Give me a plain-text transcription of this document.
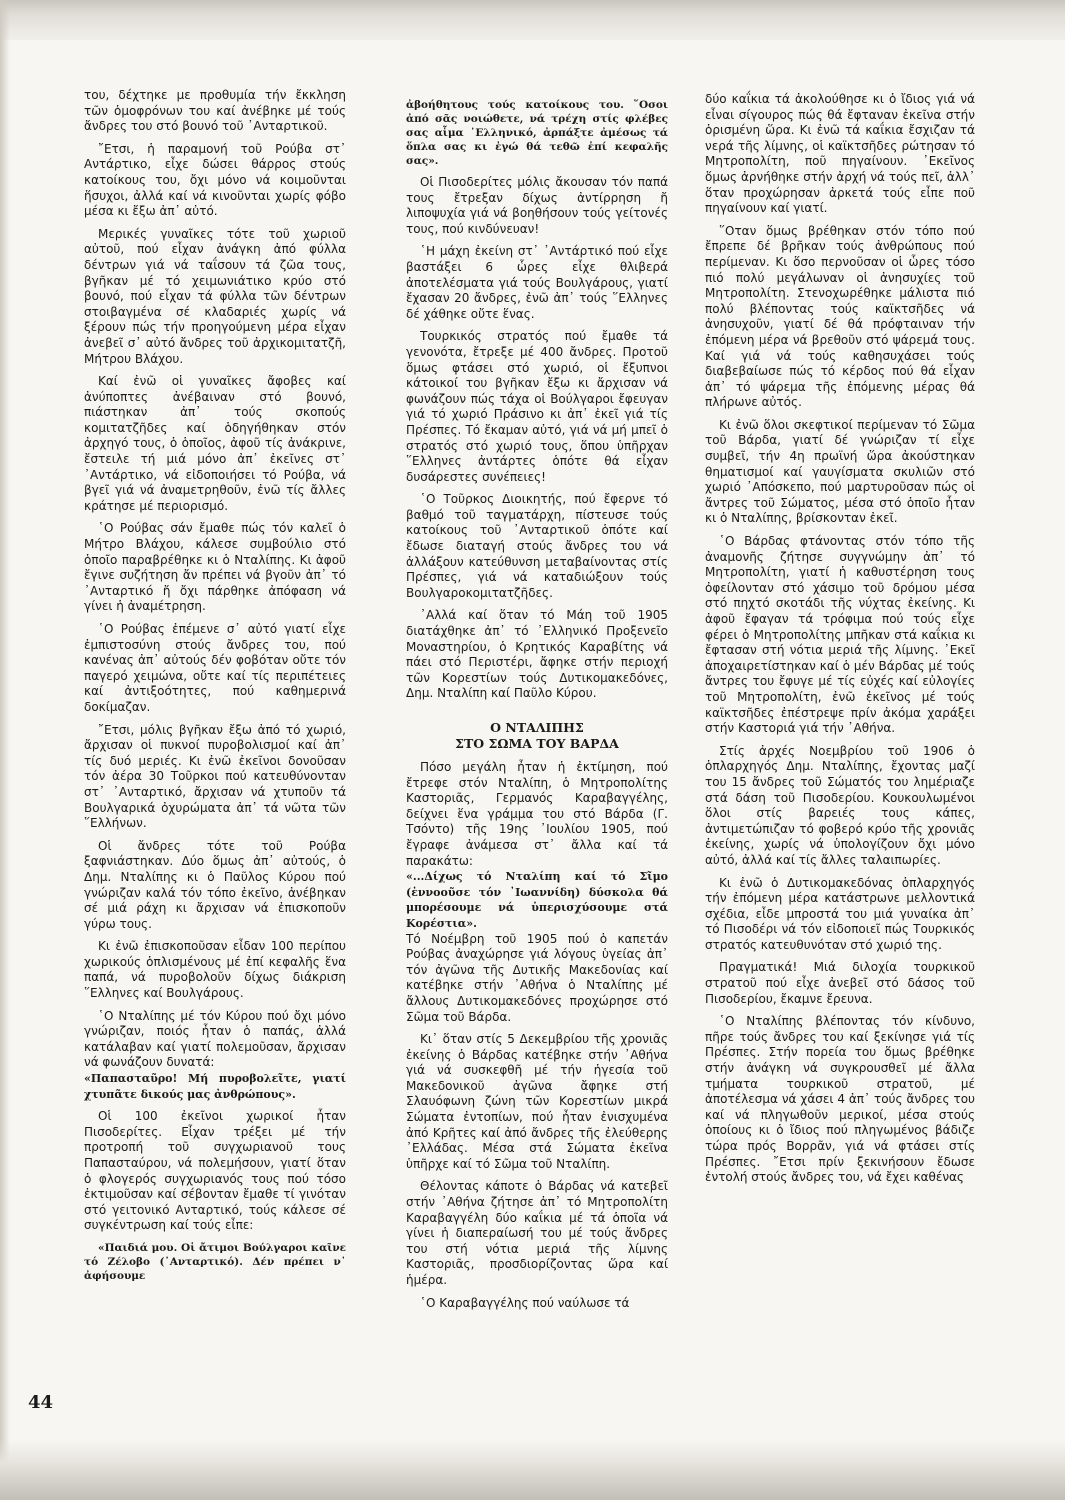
του, δέχτηκε με προθυμία τήν ἔκκληση τῶν ὁμοφρόνων του καί ἀνέβηκε μέ τούς ἄνδρες του στό βουνό τοῦ ᾿Ανταρτικοῦ.

῎Ετσι, ἡ παραμονή τοῦ Ρούβα στ᾿ Αντάρτικο, εἶχε δώσει θάρρος στούς κατοίκους του, ὄχι μόνο νά κοιμοῦνται ἥσυχοι, ἀλλά καί νά κινοῦνται χωρίς φόβο μέσα κι ἔξω ἀπ᾿ αὐτό.

Μερικές γυναῖκες τότε τοῦ χωριοῦ αὐτοῦ, πού εἶχαν ἀνάγκη ἀπό φύλλα δέντρων γιά νά ταΐσουν τά ζῶα τους, βγῆκαν μέ τό χειμωνιάτικο κρύο στό βουνό, πού εἶχαν τά φύλλα τῶν δέντρων στοιβαγμένα σέ κλαδαριές χωρίς νά ξέρουν πώς τήν προηγούμενη μέρα εἶχαν ἀνεβεῖ σ᾿ αὐτό ἄνδρες τοῦ ἀρχικομιτατζῆ, Μήτρου Βλάχου.

Καί ἐνῶ οἱ γυναῖκες ἄφοβες καί ἀνύποπτες ἀνέβαιναν στό βουνό, πιάστηκαν ἀπ᾿ τούς σκοπούς κομιτατζῆδες καί ὁδηγήθηκαν στόν ἀρχηγό τους, ὁ ὁποῖος, ἀφοῦ τίς ἀνάκρινε, ἔστειλε τή μιά μόνο ἀπ᾿ ἐκεῖνες στ᾿ ᾿Αντάρτικο, νά εἰδοποιήσει τό Ρούβα, νά βγεῖ γιά νά ἀναμετρηθοῦν, ἐνῶ τίς ἄλλες κράτησε μέ περιορισμό.

῾Ο Ρούβας σάν ἔμαθε πώς τόν καλεῖ ὁ Μήτρο Βλάχου, κάλεσε συμβούλιο στό ὁποῖο παραβρέθηκε κι ὁ Νταλίπης. Κι ἀφοῦ ἔγινε συζήτηση ἄν πρέπει νά βγοῦν ἀπ᾿ τό ᾿Ανταρτικό ἤ ὄχι πάρθηκε ἀπόφαση νά γίνει ἡ ἀναμέτρηση.

῾Ο Ρούβας ἐπέμενε σ᾿ αὐτό γιατί εἶχε ἐμπιστοσύνη στούς ἄνδρες του, πού κανένας ἀπ᾿ αὐτούς δέν φοβόταν οὔτε τόν παγερό χειμώνα, οὔτε καί τίς περιπέτειες καί ἀντιξοότητες, πού καθημερινά δοκίμαζαν.

῎Ετσι, μόλις βγῆκαν ἔξω ἀπό τό χωριό, ἄρχισαν οἱ πυκνοί πυροβολισμοί καί ἀπ᾿ τίς δυό μεριές. Κι ἐνῶ ἐκεῖνοι δονοῦσαν τόν ἀέρα 30 Τοῦρκοι πού κατευθύνονταν στ᾿ ᾿Ανταρτικό, ἄρχισαν νά χτυποῦν τά Βουλγαρικά ὀχυρώματα ἀπ᾿ τά νῶτα τῶν ῞Ελλήνων.

Οἱ ἄνδρες τότε τοῦ Ρούβα ξαφνιάστηκαν. Δύο ὅμως ἀπ᾿ αὐτούς, ὁ Δημ. Νταλίπης κι ὁ Παῦλος Κύρου πού γνώριζαν καλά τόν τόπο ἐκεῖνο, ἀνέβηκαν σέ μιά ράχη κι ἄρχισαν νά ἐπισκοποῦν γύρω τους.

Κι ἐνῶ ἐπισκοποῦσαν εἶδαν 100 περίπου χωρικούς ὁπλισμένους μέ ἐπί κεφαλῆς ἕνα παπά, νά πυροβολοῦν δίχως διάκριση ῞Ελληνες καί Βουλγάρους.

῾Ο Νταλίπης μέ τόν Κύρου πού ὄχι μόνο γνώριζαν, ποιός ἦταν ὁ παπάς, ἀλλά κατάλαβαν καί γιατί πολεμοῦσαν, ἄρχισαν νά φωνάζουν δυνατά:

«Παπασταῦρο! Μή πυροβολεῖτε, γιατί χτυπᾶτε δικούς μας ἀνθρώπους».

Οἱ 100 ἐκεῖνοι χωρικοί ἦταν Πισοδερίτες. Εἶχαν τρέξει μέ τήν προτροπή τοῦ συγχωριανοῦ τους Παπασταύρου, νά πολεμήσουν, γιατί ὅταν ὁ φλογερός συγχωριανός τους πού τόσο ἐκτιμοῦσαν καί σέβονταν ἔμαθε τί γινόταν στό γειτονικό Ανταρτικό, τούς κάλεσε σέ συγκέντρωση καί τούς εἶπε:

«Παιδιά μου. Οἱ ἄτιμοι Βούλγαροι καῖνε τό Ζέλοβο (᾿Ανταρτικό). Δέν πρέπει ν᾿ ἀφήσουμε

ἀβοήθητους τούς κατοίκους του. ῞Οσοι ἀπό σᾶς νοιώθετε, νά τρέχη στίς φλέβες σας αἷμα ᾿Ελληνικό, ἀρπάξτε ἀμέσως τά ὅπλα σας κι ἐγώ θά τεθῶ ἐπί κεφαλῆς σας».

Οἱ Πισοδερίτες μόλις ἄκουσαν τόν παπά τους ἔτρεξαν δίχως ἀντίρρηση ἤ λιποψυχία γιά νά βοηθήσουν τούς γείτονές τους, πού κινδύνευαν!

῾Η μάχη ἐκείνη στ᾿ ᾿Αντάρτικό πού εἶχε βαστάξει 6 ὧρες εἶχε θλιβερά ἀποτελέσματα γιά τούς Βουλγάρους, γιατί ἔχασαν 20 ἄνδρες, ἐνῶ ἀπ᾿ τούς ῞Ελληνες δέ χάθηκε οὔτε ἕνας.

Τουρκικός στρατός πού ἔμαθε τά γενονότα, ἔτρεξε μέ 400 ἄνδρες. Προτοῦ ὅμως φτάσει στό χωριό, οἱ ἔξυπνοι κάτοικοί του βγῆκαν ἔξω κι ἄρχισαν νά φωνάζουν πώς τάχα οἱ Βούλγαροι ἔφευγαν γιά τό χωριό Πράσινο κι ἀπ᾿ ἐκεῖ γιά τίς Πρέσπες. Τό ἔκαμαν αὐτό, γιά νά μή μπεῖ ὁ στρατός στό χωριό τους, ὅπου ὑπῆρχαν ῞Ελληνες ἀντάρτες ὁπότε θά εἶχαν δυσάρεστες συνέπειες!

῾Ο Τοῦρκος Διοικητής, πού ἔφερνε τό βαθμό τοῦ ταγματάρχη, πίστευσε τούς κατοίκους τοῦ ᾿Ανταρτικοῦ ὁπότε καί ἔδωσε διαταγή στούς ἄνδρες του νά ἀλλάξουν κατεύθυνση μεταβαίνοντας στίς Πρέσπες, γιά νά καταδιώξουν τούς Βουλγαροκομιτατζῆδες.

᾿Αλλά καί ὅταν τό Μάη τοῦ 1905 διατάχθηκε ἀπ᾿ τό ᾿Ελληνικό Προξενεῖο Μοναστηρίου, ὁ Κρητικός Καραβίτης νά πάει στό Περιστέρι, ἄφηκε στήν περιοχή τῶν Κορεστίων τούς Δυτικομακεδόνες, Δημ. Νταλίπη καί Παῦλο Κύρου.

Ο ΝΤΑΛΙΠΗΣ
ΣΤΟ ΣΩΜΑ ΤΟΥ ΒΑΡΔΑ

Πόσο μεγάλη ἦταν ἡ ἐκτίμηση, πού ἔτρεφε στόν Νταλίπη, ὁ Μητροπολίτης Καστοριᾶς, Γερμανός Καραβαγγέλης, δείχνει ἕνα γράμμα του στό Βάρδα (Γ. Τσόντο) τῆς 19ης ᾿Ιουλίου 1905, πού ἔγραφε ἀνάμεσα στ᾿ ἄλλα καί τά παρακάτω:

«...Δίχως τό Νταλίπη καί τό Σῖμο (ἐννοοῦσε τόν ᾿Ιωαννίδη) δύσκολα θά μπορέσουμε νά ὑπερισχύσουμε στά Κορέστια».

Τό Νοέμβρη τοῦ 1905 πού ὁ καπετάν Ρούβας ἀναχώρησε γιά λόγους ὑγείας ἀπ᾿ τόν ἀγῶνα τῆς Δυτικῆς Μακεδονίας καί κατέβηκε στήν ᾿Αθήνα ὁ Νταλίπης μέ ἄλλους Δυτικομακεδόνες προχώρησε στό Σῶμα τοῦ Βάρδα.

Κι᾿ ὅταν στίς 5 Δεκεμβρίου τῆς χρονιᾶς ἐκείνης ὁ Βάρδας κατέβηκε στήν ᾿Αθήνα γιά νά συσκεφθῆ μέ τήν ἡγεσία τοῦ Μακεδονικοῦ ἀγῶνα ἄφηκε στή Σλαυόφωνη ζώνη τῶν Κορεστίων μικρά Σώματα ἐντοπίων, πού ἦταν ἐνισχυμένα ἀπό Κρῆτες καί ἀπό ἄνδρες τῆς ἐλεύθερης ᾿Ελλάδας. Μέσα στά Σώματα ἐκεῖνα ὑπῆρχε καί τό Σῶμα τοῦ Νταλίπη.

Θέλοντας κάποτε ὁ Βάρδας νά κατεβεῖ στήν ᾿Αθήνα ζήτησε ἀπ᾿ τό Μητροπολίτη Καραβαγγέλη δύο καΐκια μέ τά ὁποῖα νά γίνει ἡ διαπεραίωσή του μέ τούς ἄνδρες του στή νότια μεριά τῆς λίμνης Καστοριᾶς, προσδιορίζοντας ὥρα καί ἡμέρα.

῾Ο Καραβαγγέλης πού ναύλωσε τά

δύο καΐκια τά ἀκολούθησε κι ὁ ἴδιος γιά νά εἶναι σίγουρος πώς θά ἔφταναν ἐκεῖνα στήν ὁρισμένη ὥρα. Κι ἐνῶ τά καΐκια ἔσχιζαν τά νερά τῆς λίμνης, οἱ καϊκτσῆδες ρώτησαν τό Μητροπολίτη, ποῦ πηγαίνουν. ᾿Εκεῖνος ὅμως ἀρνήθηκε στήν ἀρχή νά τούς πεῖ, ἀλλ᾿ ὅταν προχώρησαν ἀρκετά τούς εἶπε ποῦ πηγαίνουν καί γιατί.

῞Οταν ὅμως βρέθηκαν στόν τόπο πού ἔπρεπε δέ βρῆκαν τούς ἀνθρώπους πού περίμεναν. Κι ὅσο περνοῦσαν οἱ ὧρες τόσο πιό πολύ μεγάλωναν οἱ ἀνησυχίες τοῦ Μητροπολίτη. Στενοχωρέθηκε μάλιστα πιό πολύ βλέποντας τούς καϊκτσῆδες νά ἀνησυχοῦν, γιατί δέ θά πρόφταιναν τήν ἐπόμενη μέρα νά βρεθοῦν στό ψάρεμά τους. Καί γιά νά τούς καθησυχάσει τούς διαβεβαίωσε πώς τό κέρδος πού θά εἶχαν ἀπ᾿ τό ψάρεμα τῆς ἐπόμενης μέρας θά πλήρωνε αὐτός.

Κι ἐνῶ ὅλοι σκεφτικοί περίμεναν τό Σῶμα τοῦ Βάρδα, γιατί δέ γνώριζαν τί εἶχε συμβεῖ, τήν 4η πρωϊνή ὥρα ἀκούστηκαν θηματισμοί καί γαυγίσματα σκυλιῶν στό χωριό ᾿Απόσκεπο, πού μαρτυροῦσαν πώς οἱ ἄντρες τοῦ Σώματος, μέσα στό ὁποῖο ἦταν κι ὁ Νταλίπης, βρίσκονταν ἐκεῖ.

῾Ο Βάρδας φτάνοντας στόν τόπο τῆς ἀναμονῆς ζήτησε συγγνώμην ἀπ᾿ τό Μητροπολίτη, γιατί ἡ καθυστέρηση τους ὀφείλονταν στό χάσιμο τοῦ δρόμου μέσα στό πηχτό σκοτάδι τῆς νύχτας ἐκείνης. Κι ἀφοῦ ἔφαγαν τά τρόφιμα πού τούς εἶχε φέρει ὁ Μητροπολίτης μπῆκαν στά καΐκια κι ἔφτασαν στή νότια μεριά τῆς λίμνης. ᾿Εκεῖ ἀποχαιρετίστηκαν καί ὁ μέν Βάρδας μέ τούς ἄντρες του ἔφυγε μέ τίς εὐχές καί εὐλογίες τοῦ Μητροπολίτη, ἐνῶ ἐκεῖνος μέ τούς καϊκτσῆδες ἐπέστρεψε πρίν ἀκόμα χαράξει στήν Καστοριά γιά τήν ᾿Αθήνα.

Στίς ἀρχές Νοεμβρίου τοῦ 1906 ὁ ὁπλαρχηγός Δημ. Νταλίπης, ἔχοντας μαζί του 15 ἄνδρες τοῦ Σώματός του λημέριαζε στά δάση τοῦ Πισοδερίου. Κουκουλωμένοι ὅλοι στίς βαρειές τους κάπες, ἀντιμετώπιζαν τό φοβερό κρύο τῆς χρονιᾶς ἐκείνης, χωρίς νά ὑπολογίζουν ὄχι μόνο αὐτό, ἀλλά καί τίς ἄλλες ταλαιπωρίες.

Κι ἐνῶ ὁ Δυτικομακεδόνας ὁπλαρχηγός τήν ἐπόμενη μέρα κατάστρωνε μελλοντικά σχέδια, εἶδε μπροστά του μιά γυναίκα ἀπ᾿ τό Πισοδέρι νά τόν εἰδοποιεῖ πώς Τουρκικός στρατός κατευθυνόταν στό χωριό της.

Πραγματικά! Μιά διλοχία τουρκικοῦ στρατοῦ πού εἶχε ἀνεβεῖ στό δάσος τοῦ Πισοδερίου, ἔκαμνε ἔρευνα.

῾Ο Νταλίπης βλέποντας τόν κίνδυνο, πῆρε τούς ἄνδρες του καί ξεκίνησε γιά τίς Πρέσπες. Στήν πορεία του ὅμως βρέθηκε στήν ἀνάγκη νά συγκρουσθεῖ μέ ἄλλα τμήματα τουρκικοῦ στρατοῦ, μέ ἀποτέλεσμα νά χάσει 4 ἀπ᾿ τούς ἄνδρες του καί νά πληγωθοῦν μερικοί, μέσα στούς ὁποίους κι ὁ ἴδιος πού πληγωμένος βάδιζε τώρα πρός Βορρᾶν, γιά νά φτάσει στίς Πρέσπες. ῎Ετσι πρίν ξεκινήσουν ἔδωσε ἐντολή στούς ἄνδρες του, νά ἔχει καθένας

44
